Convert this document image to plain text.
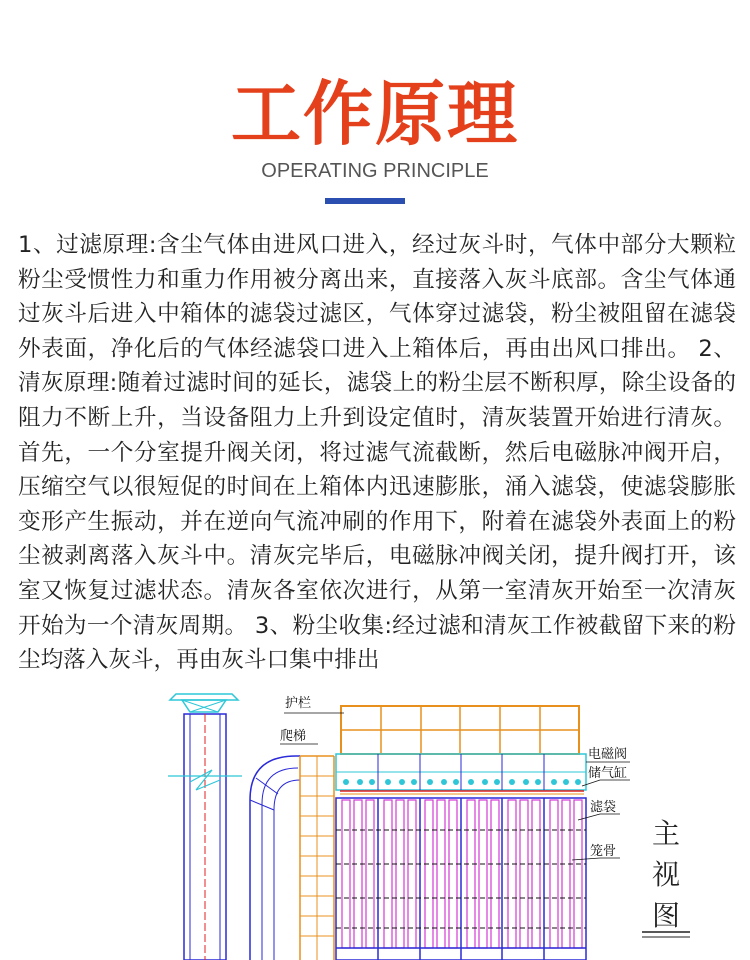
工作原理
OPERATING PRINCIPLE

1、过滤原理:含尘气体由进风口进入，经过灰斗时，气体中部分大颗粒粉尘受惯性力和重力作用被分离出来，直接落入灰斗底部。含尘气体通过灰斗后进入中箱体的滤袋过滤区，气体穿过滤袋，粉尘被阻留在滤袋外表面，净化后的气体经滤袋口进入上箱体后，再由出风口排出。 2、清灰原理:随着过滤时间的延长，滤袋上的粉尘层不断积厚，除尘设备的阻力不断上升，当设备阻力上升到设定值时，清灰装置开始进行清灰。首先，一个分室提升阀关闭，将过滤气流截断，然后电磁脉冲阀开启，压缩空气以很短促的时间在上箱体内迅速膨胀，涌入滤袋，使滤袋膨胀变形产生振动，并在逆向气流冲刷的作用下，附着在滤袋外表面上的粉尘被剥离落入灰斗中。清灰完毕后，电磁脉冲阀关闭，提升阀打开，该室又恢复过滤状态。清灰各室依次进行，从第一室清灰开始至一次清灰开始为一个清灰周期。 3、粉尘收集:经过滤和清灰工作被截留下来的粉尘均落入灰斗，再由灰斗口集中排出

护栏
爬梯
电磁阀
储气缸
滤袋
笼骨
主
视
图
